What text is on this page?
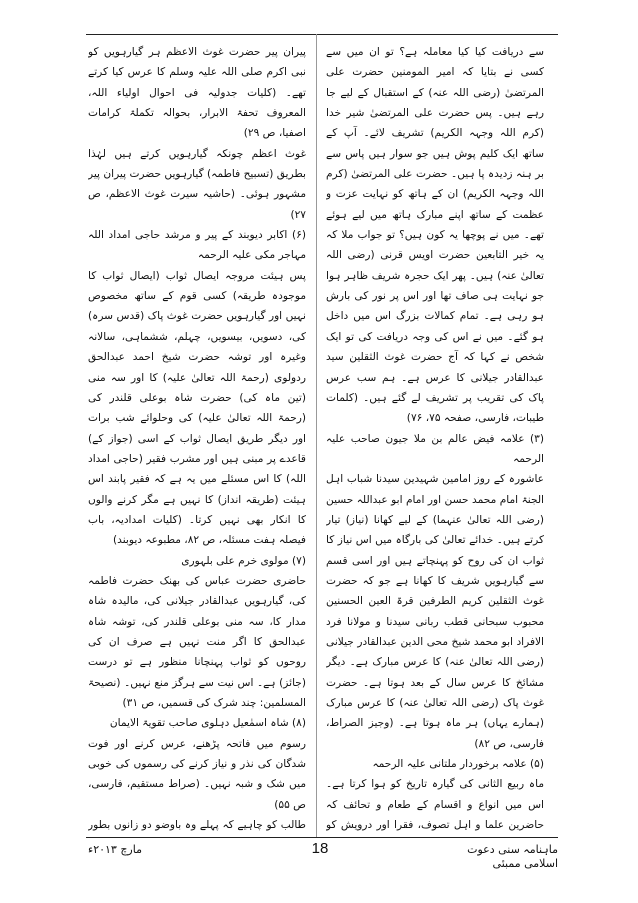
سے دریافت کیا کیا معاملہ ہے؟ تو ان میں سے کسی نے بتایا کہ امیر المومنین حضرت علی المرتضیٰ (رضی اللہ عنہ) کے استقبال کے لیے جا رہے ہیں۔ پس حضرت علی المرتضیٰ شیر خدا (کرم اللہ وجہہ الکریم) تشریف لائے۔ آپ کے ساتھ ایک کلیم پوش ہیں جو سوار ہیں پاس سے بر ہنہ زدیدہ پا ہیں۔ حضرت علی المرتضیٰ (کرم اللہ وجہہ الکریم) ان کے ہاتھ کو نہایت عزت و عظمت کے ساتھ اپنے مبارک ہاتھ میں لیے ہوئے تھے۔ میں نے پوچھا یہ کون ہیں؟ تو جواب ملا کہ یہ خیر التابعین حضرت اویس قرنی (رضی اللہ تعالیٰ عنہ) ہیں۔ پھر ایک حجرہ شریف ظاہر ہوا جو نہایت ہی صاف تھا اور اس پر نور کی بارش ہو رہی ہے۔ تمام کمالات بزرگ اس میں داخل ہو گئے۔ میں نے اس کی وجہ دریافت کی تو ایک شخص نے کہا کہ آج حضرت غوث الثقلین سید عبدالقادر جیلانی کا عرس ہے۔ ہم سب عرس پاک کی تقریب پر تشریف لے گئے ہیں۔ (کلمات طیبات، فارسی، صفحہ ۷۵، ۷۶)

(۳) علامہ فیض عالم بن ملا جیون صاحب علیہ الرحمہ

عاشورہ کے روز امامین شہیدین سیدنا شباب اہل الجنۃ امام محمد حسن اور امام ابو عبداللہ حسین (رضی اللہ تعالیٰ عنہما) کے لیے کھانا (نیاز) تیار کرتے ہیں۔ خدائے تعالیٰ کی بارگاہ میں اس نیاز کا ثواب ان کی روح کو پہنچاتے ہیں اور اسی قسم سے گیارہویں شریف کا کھانا ہے جو کہ حضرت غوث الثقلین کریم الطرفین قرۃ العین الحسنین محبوب سبحانی قطب ربانی سیدنا و مولانا فرد الافراد ابو محمد شیخ محی الدین عبدالقادر جیلانی (رضی اللہ تعالیٰ عنہ) کا عرس مبارک ہے۔ دیگر مشائخ کا عرس سال کے بعد ہوتا ہے۔ حضرت غوث پاک (رضی اللہ تعالیٰ عنہ) کا عرس مبارک (ہمارے یہاں) ہر ماہ ہوتا ہے۔ (وجیز الصراط، فارسی، ص ۸۲)

(۵) علامہ برخوردار ملتانی علیہ الرحمہ

ماہ ربیع الثانی کی گیارہ تاریخ کو ہوا کرتا ہے۔ اس میں انواع و اقسام کے طعام و تحائف کہ حاضرین علما و اہل تصوف، فقرا اور درویش کو

پیران پیر حضرت غوث الاعظم ہر گیارہویں کو نبی اکرم صلی اللہ علیہ وسلم کا عرس کیا کرتے تھے۔ (کلیات جدولیہ فی احوال اولیاء اللہ، المعروف تحفۃ الابرار، بحوالہ تکملۃ کرامات اصفیا، ص ۲۹)

غوث اعظم چونکہ گیارہویں کرتے ہیں لہٰذا بطریق (تسبیح فاطمہ) گیارہویں حضرت پیران پیر مشہور ہوئی۔ (حاشیہ سیرت غوث الاعظم، ص ۲۷)

(۶) اکابر دیوبند کے پیر و مرشد حاجی امداد اللہ مہاجر مکی علیہ الرحمہ

پس ہیئت مروجہ ایصال ثواب (ایصال ثواب کا موجودہ طریقہ) کسی قوم کے ساتھ مخصوص نہیں اور گیارہویں حضرت غوث پاک (قدس سرہ) کی، دسویں، بیسویں، چہلم، ششماہی، سالانہ وغیرہ اور توشہ حضرت شیخ احمد عبدالحق ردولوی (رحمۃ اللہ تعالیٰ علیہ) کا اور سہ منی (تین ماہ کی) حضرت شاہ بوعلی قلندر کی (رحمۃ اللہ تعالیٰ علیہ) کی وحلوائے شب برات اور دیگر طریق ایصال ثواب کے اسی (جواز کے) قاعدے پر مبنی ہیں اور مشرب فقیر (حاجی امداد اللہ) کا اس مسئلے میں یہ ہے کہ فقیر پابند اس ہیئت (طریقہ انداز) کا نہیں ہے مگر کرنے والوں کا انکار بھی نہیں کرتا۔ (کلیات امدادیہ، باب فیصلہ ہفت مسئلہ، ص ۸۲، مطبوعہ دیوبند)

(۷) مولوی خرم علی بلہوری

حاضری حضرت عباس کی بھنک حضرت فاطمہ کی، گیارہویں عبدالقادر جیلانی کی، مالیدہ شاہ مدار کا، سہ منی بوعلی قلندر کی، توشہ شاہ عبدالحق کا اگر منت نہیں ہے صرف ان کی روحوں کو ثواب پہنچانا منظور ہے تو درست (جائز) ہے۔ اس نیت سے ہرگز منع نہیں۔ (نصیحۃ المسلمین: چند شرک کی قسمیں، ص ۳۱)

(۸) شاہ اسمٰعیل دہلوی صاحب تقویۃ الایمان

رسوم میں فاتحہ پڑھنے، عرس کرنے اور فوت شدگان کی نذر و نیاز کرنے کی رسموں کی خوبی میں شک و شبہ نہیں۔ (صراط مستقیم، فارسی، ص ۵۵)

طالب کو چاہیے کہ پہلے وہ باوضو دو زانوں بطور

ماہنامہ سنی دعوت اسلامی ممبئی
18
مارچ ۲۰۱۳ء
